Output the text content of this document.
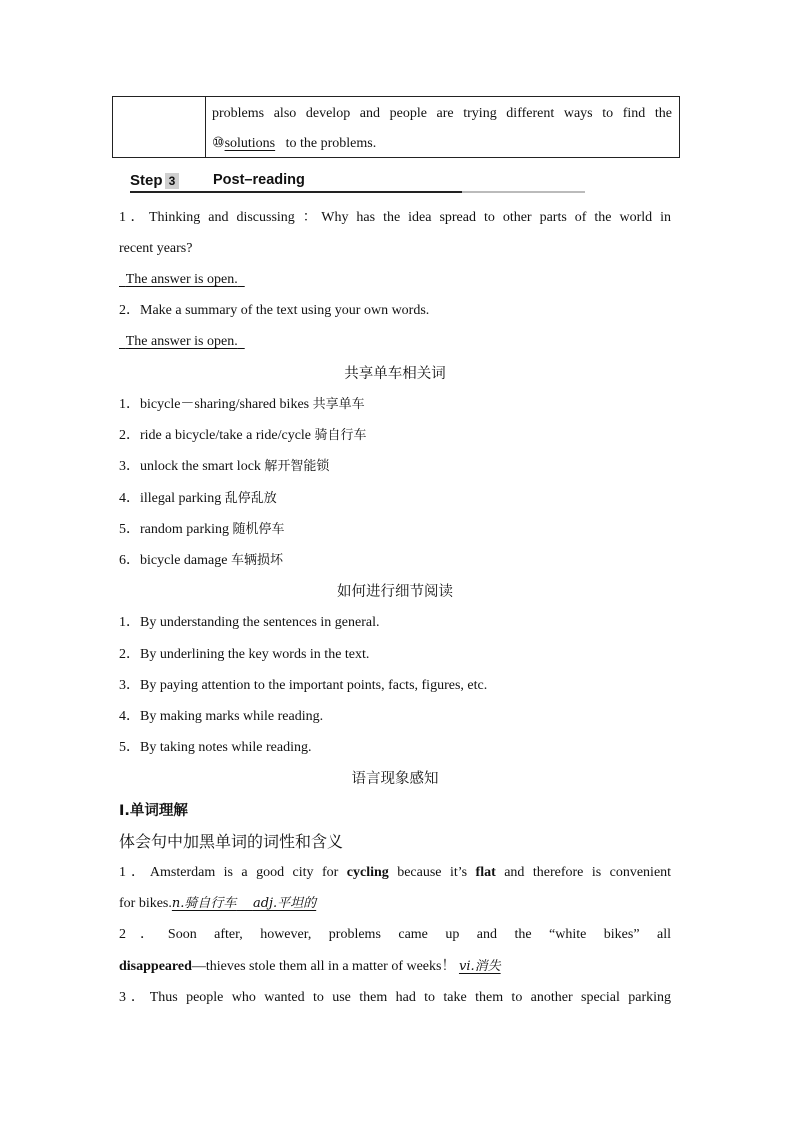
problems also develop and people are trying different ways to find the
⑩solutions to the problems.
Step 3	Post–reading
1．Thinking and discussing ：Why has the idea spread to other parts of the world in
recent years?
The answer is open.
2．Make a summary of the text using your own words.
The answer is open.
共享单车相关词
1．bicycle－sharing/shared bikes 共享单车
2．ride a bicycle/take a ride/cycle 骑自行车
3．unlock the smart lock 解开智能锁
4．illegal parking 乱停乱放
5．random parking 随机停车
6．bicycle damage 车辆损坏
如何进行细节阅读
1．By understanding the sentences in general.
2．By underlining the key words in the text.
3．By paying attention to the important points, facts, figures, etc.
4．By making marks while reading.
5．By taking notes while reading.
语言现象感知
Ⅰ.单词理解
体会句中加黑单词的词性和含义
1．Amsterdam is a good city for cycling because it’s flat and therefore is convenient
for bikes.n.骑自行车 adj.平坦的
2．Soon after, however, problems came up and the “white bikes” all
disappeared—thieves stole them all in a matter of weeks！ vi.消失
3．Thus people who wanted to use them had to take them to another special parking
